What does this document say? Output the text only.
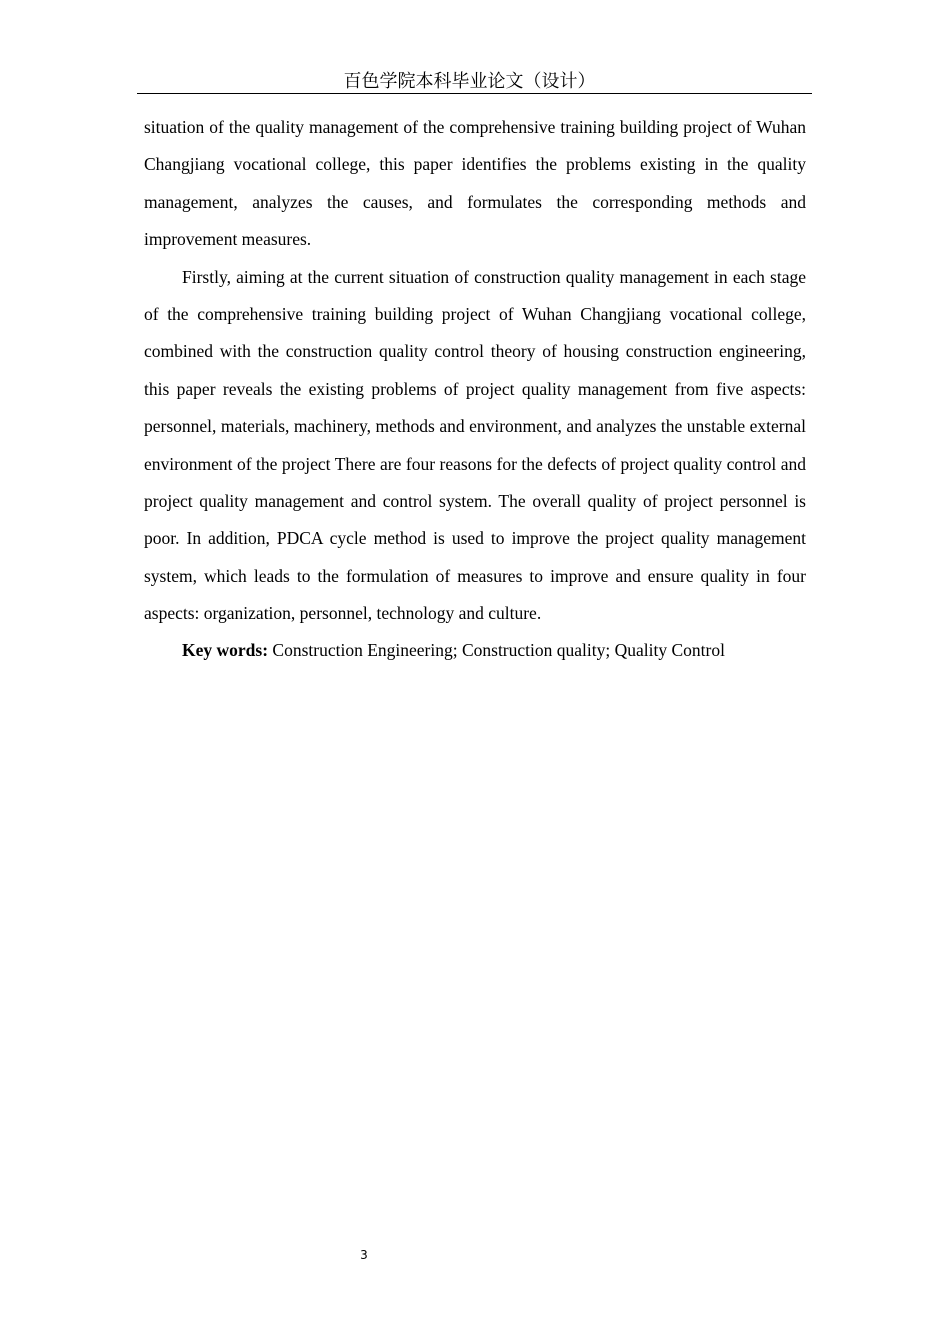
百色学院本科毕业论文（设计）

situation of the quality management of the comprehensive training building project of Wuhan Changjiang vocational college, this paper identifies the problems existing in the quality management, analyzes the causes, and formulates the corresponding methods and improvement measures.

Firstly, aiming at the current situation of construction quality management in each stage of the comprehensive training building project of Wuhan Changjiang vocational college, combined with the construction quality control theory of housing construction engineering, this paper reveals the existing problems of project quality management from five aspects: personnel, materials, machinery, methods and environment, and analyzes the unstable external environment of the project There are four reasons for the defects of project quality control and project quality management and control system. The overall quality of project personnel is poor. In addition, PDCA cycle method is used to improve the project quality management system, which leads to the formulation of measures to improve and ensure quality in four aspects: organization, personnel, technology and culture.

Key words: Construction Engineering; Construction quality; Quality Control

3
